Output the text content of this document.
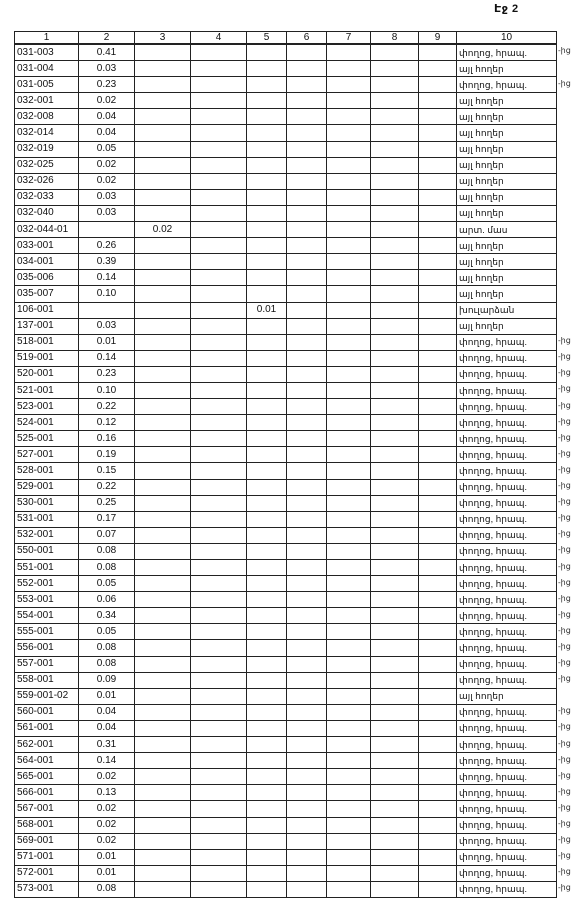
Էջ 2
1	2	3	4	5	6	7	8	9	10
031-003	0.41								փողոց, հրապ.
031-004	0.03								այլ հողեր
031-005	0.23								փողոց, հրապ.
032-001	0.02								այլ հողեր
032-008	0.04								այլ հողեր
032-014	0.04								այլ հողեր
032-019	0.05								այլ հողեր
032-025	0.02								այլ հողեր
032-026	0.02								այլ հողեր
032-033	0.03								այլ հողեր
032-040	0.03								այլ հողեր
032-044-01		0.02							արտ. մաս
033-001	0.26								այլ հողեր
034-001	0.39								այլ հողեր
035-006	0.14								այլ հողեր
035-007	0.10								այլ հողեր
106-001				0.01					խուլարձան
137-001	0.03								այլ հողեր
518-001	0.01								փողոց, հրապ.
519-001	0.14								փողոց, հրապ.
520-001	0.23								փողոց, հրապ.
521-001	0.10								փողոց, հրապ.
523-001	0.22								փողոց, հրապ.
524-001	0.12								փողոց, հրապ.
525-001	0.16								փողոց, հրապ.
527-001	0.19								փողոց, հրապ.
528-001	0.15								փողոց, հրապ.
529-001	0.22								փողոց, հրապ.
530-001	0.25								փողոց, հրապ.
531-001	0.17								փողոց, հրապ.
532-001	0.07								փողոց, հրապ.
550-001	0.08								փողոց, հրապ.
551-001	0.08								փողոց, հրապ.
552-001	0.05								փողոց, հրապ.
553-001	0.06								փողոց, հրապ.
554-001	0.34								փողոց, հրապ.
555-001	0.05								փողոց, հրապ.
556-001	0.08								փողոց, հրապ.
557-001	0.08								փողոց, հրապ.
558-001	0.09								փողոց, հրապ.
559-001-02	0.01								այլ հողեր
560-001	0.04								փողոց, հրապ.
561-001	0.04								փողոց, հրապ.
562-001	0.31								փողոց, հրապ.
564-001	0.14								փողոց, հրապ.
565-001	0.02								փողոց, հրապ.
566-001	0.13								փողոց, հրապ.
567-001	0.02								փողոց, հրապ.
568-001	0.02								փողոց, հրապ.
569-001	0.02								փողոց, հրապ.
571-001	0.01								փողոց, հրապ.
572-001	0.01								փողոց, հրապ.
573-001	0.08								փողոց, հրապ.
-ից
-ից
-ից
-ից
-ից
-ից
-ից
-ից
-ից
-ից
-ից
-ից
-ից
-ից
-ից
-ից
-ից
-ից
-ից
-ից
-ից
-ից
-ից
-ից
-ից
-ից
-ից
-ից
-ից
-ից
-ից
-ից
-ից
-ից
-ից
-ից
